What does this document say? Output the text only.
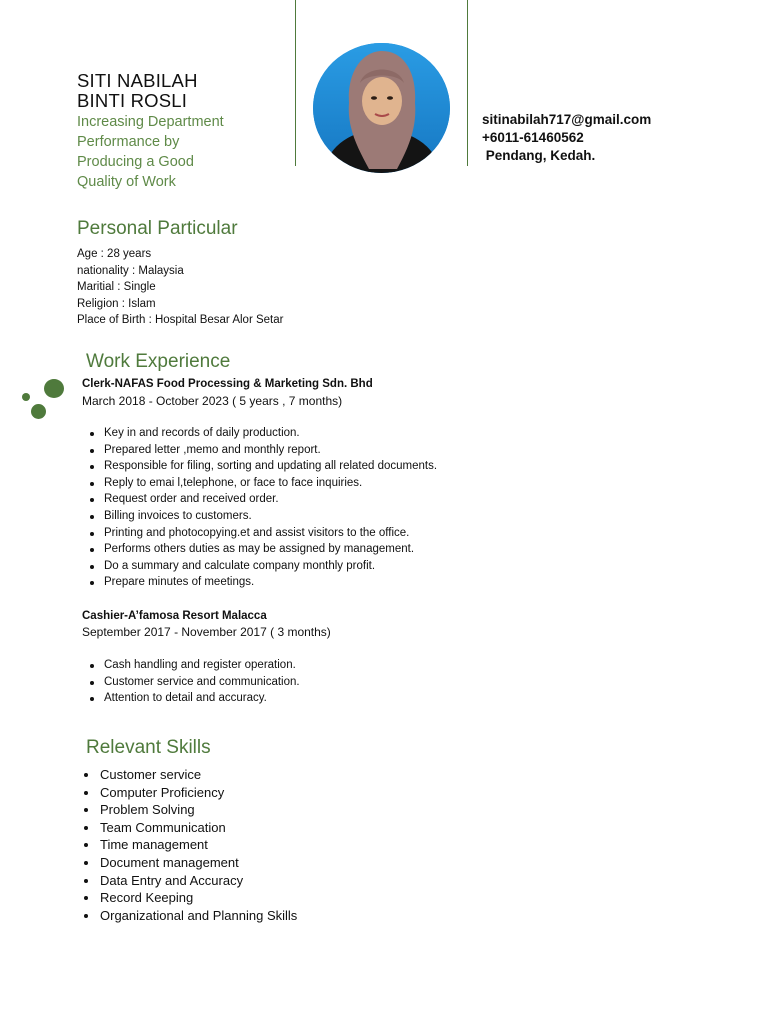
SITI NABILAH
BINTI ROSLI
Increasing Department
Performance by
Producing a Good
Quality of Work
sitinabilah717@gmail.com
+6011-61460562
Pendang, Kedah.
Personal Particular
Age : 28 years
nationality : Malaysia
Maritial : Single
Religion : Islam
Place of Birth : Hospital Besar Alor Setar
Work Experience
Clerk-NAFAS Food Processing & Marketing Sdn. Bhd
March 2018 - October 2023 ( 5 years , 7 months)
Key in and records of daily production.
Prepared letter ,memo and monthly report.
Responsible for filing, sorting and updating all related documents.
Reply to emai l,telephone, or face to face inquiries.
Request order and received order.
Billing invoices to customers.
Printing and photocopying.et and assist visitors to the office.
Performs others duties as may be assigned by management.
Do a summary and calculate company monthly profit.
Prepare minutes of meetings.
Cashier-A’famosa Resort Malacca
September 2017 - November 2017 ( 3 months)
Cash handling and register operation.
Customer service and communication.
Attention to detail and accuracy.
Relevant Skills
Customer service
Computer Proficiency
Problem Solving
Team Communication
Time management
Document management
Data Entry and Accuracy
Record Keeping
Organizational and Planning Skills
